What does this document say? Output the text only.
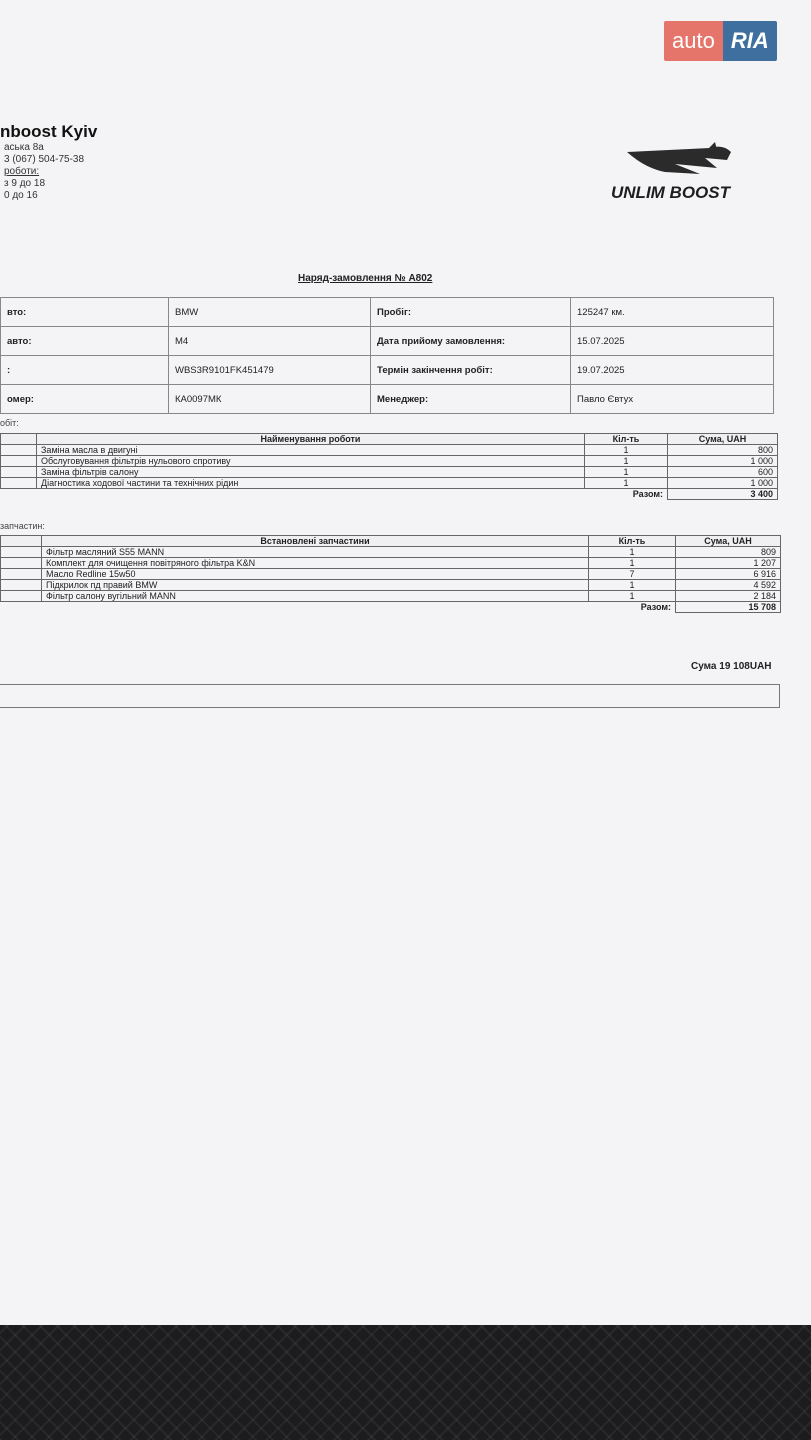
auto RIA
nboost Kyiv
аська 8а
3 (067) 504-75-38
роботи:
з 9 до 18
0 до 16	UNLIM BOOST
Наряд-замовлення № А802
вто:	BMW	Пробіг:	125247 км.
авто:	M4	Дата прийому замовлення:	15.07.2025
:	WBS3R9101FK451479	Термін закінчення робіт:	19.07.2025
омер:	КА0097МК	Менеджер:	Павло Євтух
обіт:
	Найменування роботи	Кіл-ть	Сума, UAH
	Заміна масла в двигуні	1	800
	Обслуговування фільтрів нульового спротиву	1	1 000
	Заміна фільтрів салону	1	600
	Діагностика ходової частини та технічних рідин	1	1 000
		Разом:	3 400
запчастин:
	Встановлені запчастини	Кіл-ть	Сума, UAH
	Фільтр масляний S55 MANN	1	809
	Комплект для очищення повітряного фільтра K&N	1	1 207
	Масло Redline 15w50	7	6 916
	Підкрилок пд правий BMW	1	4 592
	Фільтр салону вугільний MANN	1	2 184
		Разом:	15 708
Сума 19 108UAH
